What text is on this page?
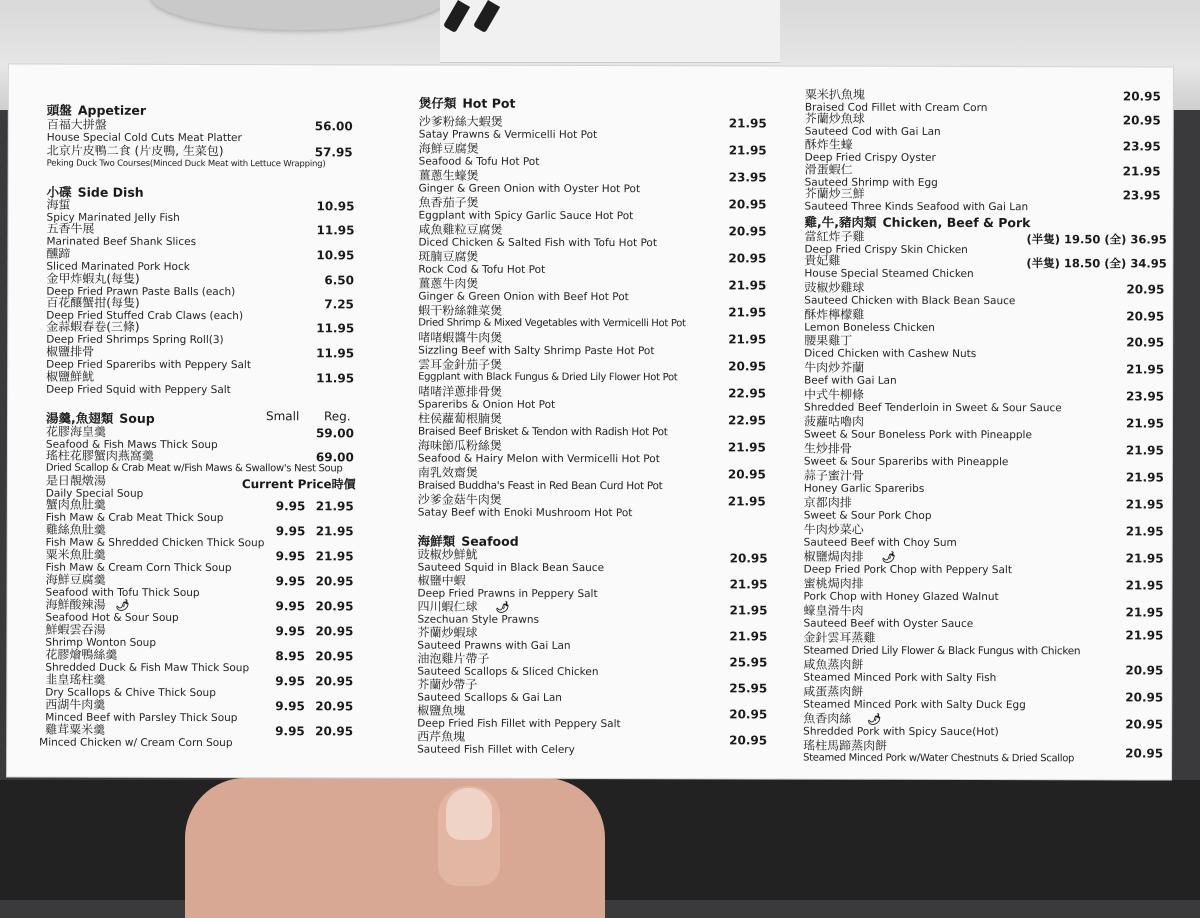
頭盤 Appetizer
百福大拼盤
House Special Cold Cuts Meat Platter
56.00
北京片皮鴨二食 (片皮鴨, 生菜包)
Peking Duck Two Courses(Minced Duck Meat with Lettuce Wrapping)
57.95
小碟 Side Dish
海蜇
Spicy Marinated Jelly Fish
10.95
五香牛展
Marinated Beef Shank Slices
11.95
醺蹄
Sliced Marinated Pork Hock
10.95
金甲炸蝦丸(每隻)
Deep Fried Prawn Paste Balls (each)
6.50
百花釀蟹拑(每隻)
Deep Fried Stuffed Crab Claws (each)
7.25
金蒜蝦春卷(三條)
Deep Fried Shrimps Spring Roll(3)
11.95
椒鹽排骨
Deep Fried Spareribs with Peppery Salt
11.95
椒鹽鮮魷
Deep Fried Squid with Peppery Salt
11.95
湯羹,魚翅類 Soup	Small Reg.
花膠海皇羹
Seafood & Fish Maws Thick Soup
59.00
瑤柱花膠蟹肉燕窩羹
Dried Scallop & Crab Meat w/Fish Maws & Swallow's Nest Soup
69.00
是日靚燉湯
Daily Special Soup
Current Price時價
蟹肉魚肚羹
Fish Maw & Crab Meat Thick Soup
9.95 21.95
雞絲魚肚羹
Fish Maw & Shredded Chicken Thick Soup
9.95 21.95
粟米魚肚羹
Fish Maw & Cream Corn Thick Soup
9.95 21.95
海鮮豆腐羹
Seafood with Tofu Thick Soup
9.95 20.95
海鮮酸辣湯 🌶
Seafood Hot & Sour Soup
9.95 20.95
鮮蝦雲吞湯
Shrimp Wonton Soup
9.95 20.95
花膠燴鴨絲羹
Shredded Duck & Fish Maw Thick Soup
8.95 20.95
韭皇瑤柱羹
Dry Scallops & Chive Thick Soup
9.95 20.95
西湖牛肉羹
Minced Beef with Parsley Thick Soup
9.95 20.95
雞茸粟米羹
Minced Chicken w/ Cream Corn Soup
9.95 20.95
煲仔類 Hot Pot
沙爹粉絲大蝦煲
Satay Prawns & Vermicelli Hot Pot
21.95
海鮮豆腐煲
Seafood & Tofu Hot Pot
21.95
薑蔥生蠔煲
Ginger & Green Onion with Oyster Hot Pot
23.95
魚香茄子煲
Eggplant with Spicy Garlic Sauce Hot Pot
20.95
咸魚雞粒豆腐煲
Diced Chicken & Salted Fish with Tofu Hot Pot
20.95
斑腩豆腐煲
Rock Cod & Tofu Hot Pot
20.95
薑蔥牛肉煲
Ginger & Green Onion with Beef Hot Pot
21.95
蝦干粉絲雜菜煲
Dried Shrimp & Mixed Vegetables with Vermicelli Hot Pot
21.95
啫啫蝦醬牛肉煲
Sizzling Beef with Salty Shrimp Paste Hot Pot
21.95
雲耳金針茄子煲
Eggplant with Black Fungus & Dried Lily Flower Hot Pot
20.95
啫啫洋蔥排骨煲
Spareribs & Onion Hot Pot
22.95
柱侯蘿蔔根腩煲
Braised Beef Brisket & Tendon with Radish Hot Pot
22.95
海味節瓜粉絲煲
Seafood & Hairy Melon with Vermicelli Hot Pot
21.95
南乳效齋煲
Braised Buddha's Feast in Red Bean Curd Hot Pot
20.95
沙爹金菇牛肉煲
Satay Beef with Enoki Mushroom Hot Pot
21.95
海鮮類 Seafood
豉椒炒鮮魷
Sauteed Squid in Black Bean Sauce
20.95
椒鹽中蝦
Deep Fried Prawns in Peppery Salt
21.95
四川蝦仁球 🌶
Szechuan Style Prawns
21.95
芥蘭炒蝦球
Sauteed Prawns with Gai Lan
21.95
油泡雞片帶子
Sauteed Scallops & Sliced Chicken
25.95
芥蘭炒帶子
Sauteed Scallops & Gai Lan
25.95
椒鹽魚塊
Deep Fried Fish Fillet with Peppery Salt
20.95
西芹魚塊
Sauteed Fish Fillet with Celery
20.95
粟米扒魚塊
Braised Cod Fillet with Cream Corn
20.95
芥蘭炒魚球
Sauteed Cod with Gai Lan
20.95
酥炸生蠔
Deep Fried Crispy Oyster
23.95
滑蛋蝦仁
Sauteed Shrimp with Egg
21.95
芥蘭炒三鮮
Sauteed Three Kinds Seafood with Gai Lan
23.95
雞,牛,豬肉類 Chicken, Beef & Pork
當紅炸子雞
Deep Fried Crispy Skin Chicken
(半隻) 19.50 (全) 36.95
貴妃雞
House Special Steamed Chicken
(半隻) 18.50 (全) 34.95
豉椒炒雞球
Sauteed Chicken with Black Bean Sauce
20.95
酥炸檸檬雞
Lemon Boneless Chicken
20.95
腰果雞丁
Diced Chicken with Cashew Nuts
20.95
牛肉炒芥蘭
Beef with Gai Lan
21.95
中式牛柳條
Shredded Beef Tenderloin in Sweet & Sour Sauce
23.95
菠蘿咕嚕肉
Sweet & Sour Boneless Pork with Pineapple
21.95
生炒排骨
Sweet & Sour Spareribs with Pineapple
21.95
蒜子蜜汁骨
Honey Garlic Spareribs
21.95
京都肉排
Sweet & Sour Pork Chop
21.95
牛肉炒菜心
Sauteed Beef with Choy Sum
21.95
椒鹽焗肉排 🌶
Deep Fried Pork Chop with Peppery Salt
21.95
蜜桃焗肉排
Pork Chop with Honey Glazed Walnut
21.95
蠔皇滑牛肉
Sauteed Beef with Oyster Sauce
21.95
金針雲耳蒸雞
Steamed Dried Lily Flower & Black Fungus with Chicken
21.95
咸魚蒸肉餅
Steamed Minced Pork with Salty Fish
20.95
咸蛋蒸肉餅
Steamed Minced Pork with Salty Duck Egg
20.95
魚香肉絲 🌶
Shredded Pork with Spicy Sauce(Hot)
20.95
瑤柱馬蹄蒸肉餅
Steamed Minced Pork w/Water Chestnuts & Dried Scallop	20.95
